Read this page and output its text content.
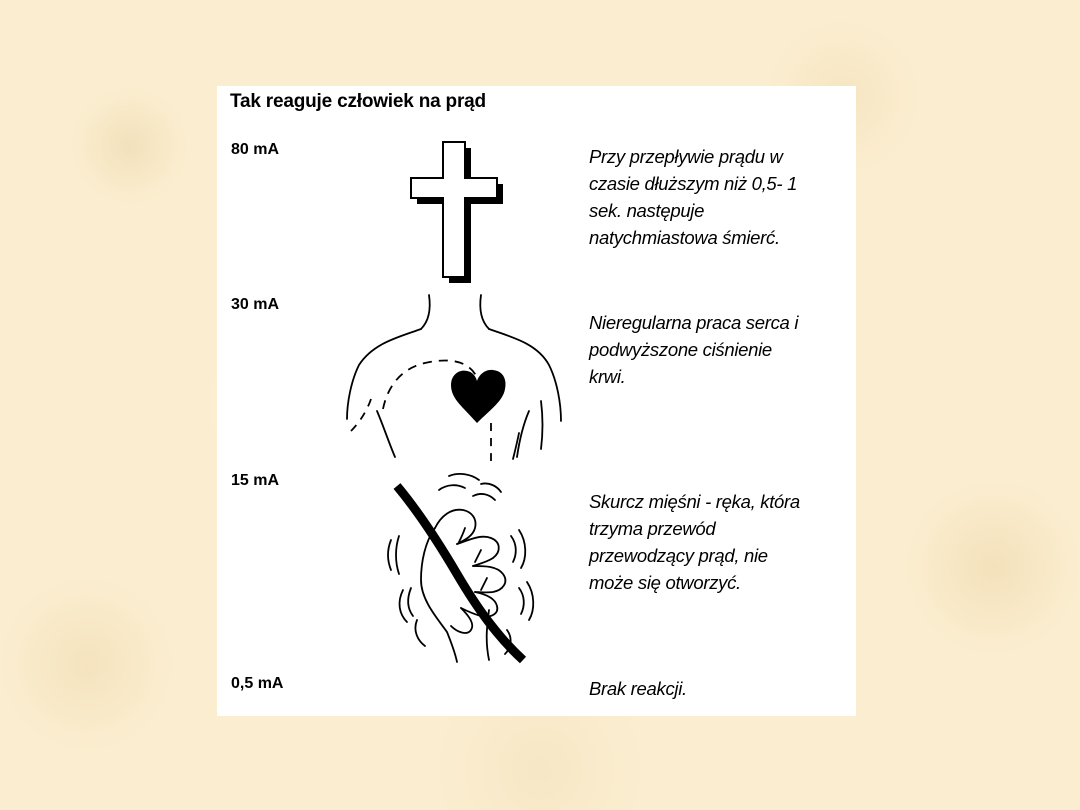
Tak reaguje człowiek na prąd
80 mA	Przy przepływie prądu w
czasie dłuższym niż 0,5- 1
sek. następuje
natychmiastowa śmierć.
30 mA
Nieregularna praca serca i
podwyższone ciśnienie
krwi.
15 mA
Skurcz mięśni - ręka, która
trzyma przewód
przewodzący prąd, nie
może się otworzyć.
0,5 mA	Brak reakcji.
